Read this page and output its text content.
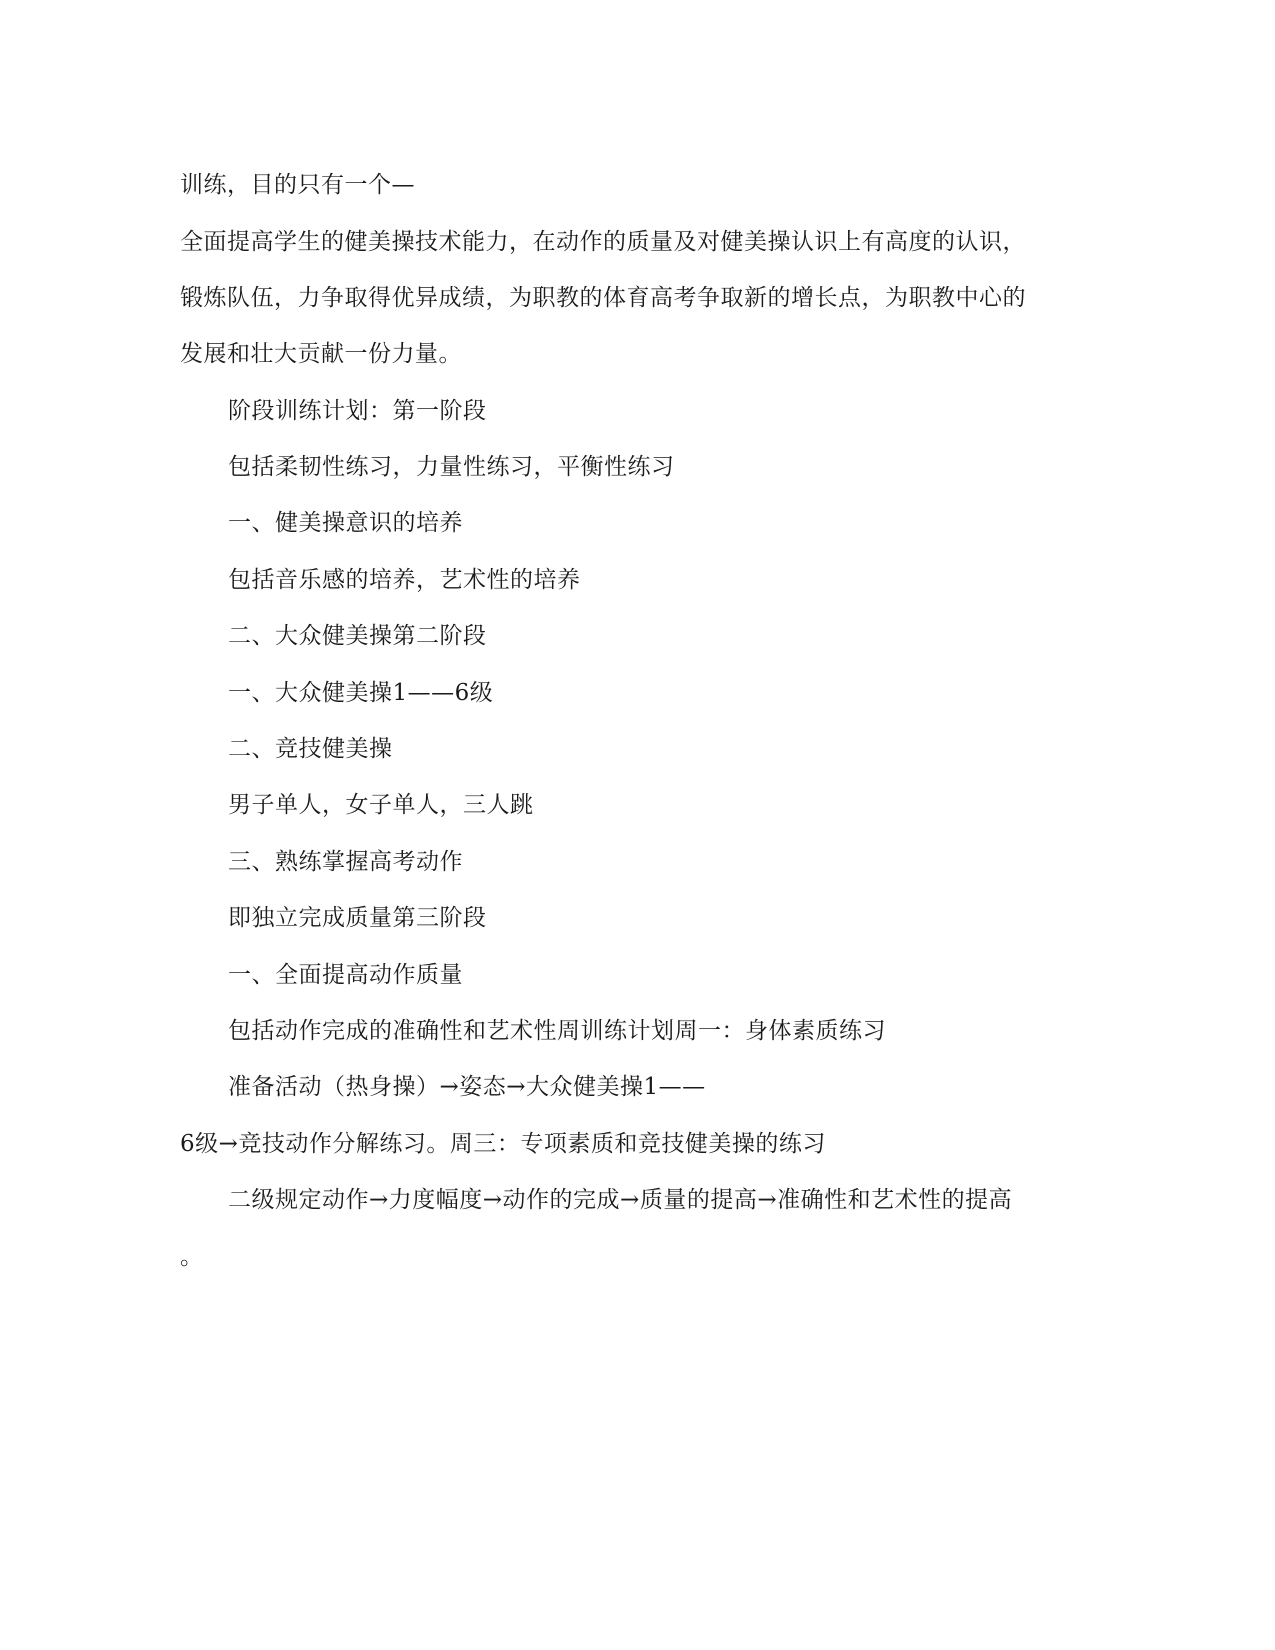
训练，目的只有一个—
全面提高学生的健美操技术能力，在动作的质量及对健美操认识上有高度的认识，
锻炼队伍，力争取得优异成绩，为职教的体育高考争取新的增长点，为职教中心的
发展和壮大贡献一份力量。
阶段训练计划：第一阶段
包括柔韧性练习，力量性练习，平衡性练习
一、健美操意识的培养
包括音乐感的培养，艺术性的培养
二、大众健美操第二阶段
一、大众健美操1——6级
二、竞技健美操
男子单人，女子单人，三人跳
三、熟练掌握高考动作
即独立完成质量第三阶段
一、全面提高动作质量
包括动作完成的准确性和艺术性周训练计划周一：身体素质练习
准备活动（热身操）→姿态→大众健美操1——
6级→竞技动作分解练习。周三：专项素质和竞技健美操的练习
二级规定动作→力度幅度→动作的完成→质量的提高→准确性和艺术性的提高
。
